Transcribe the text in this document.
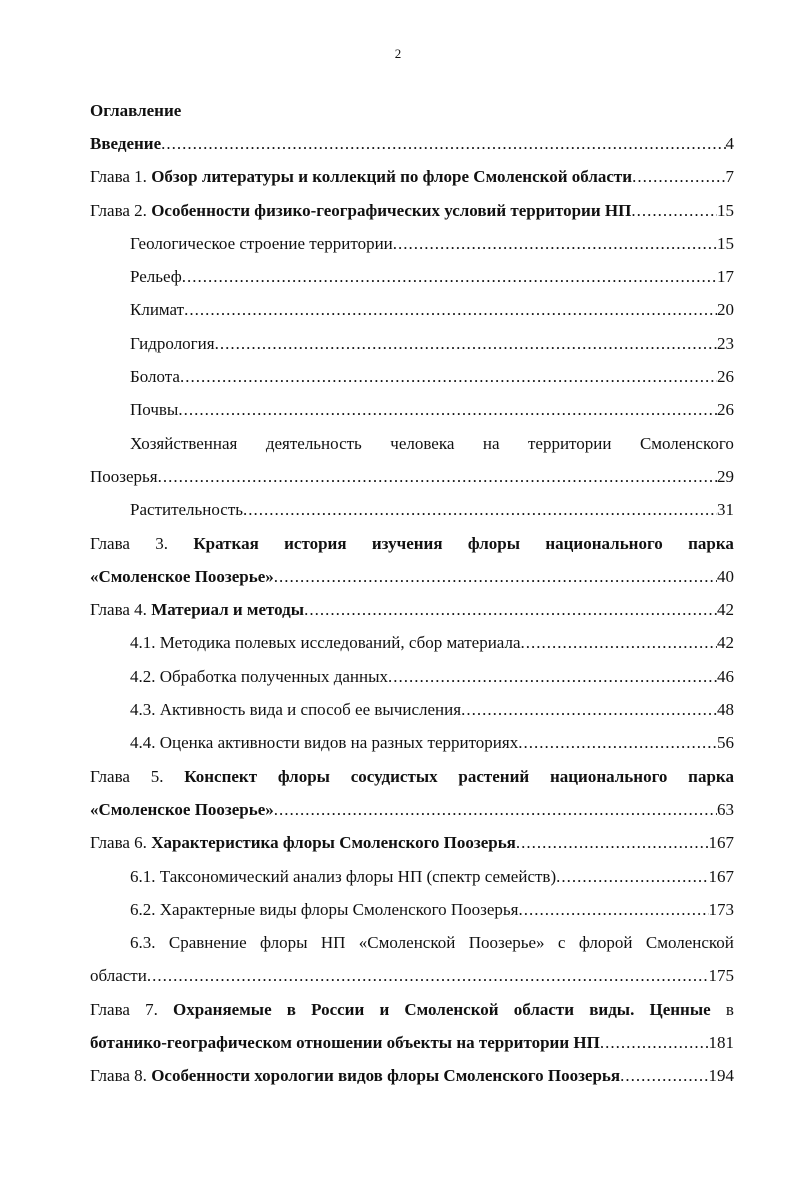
2
Оглавление
Введение .....	4
Глава 1.
Обзор литературы и коллекций по флоре Смоленской области .....	7
Глава 2.
Особенности физико-географических условий территории НП .....	15
Геологическое строение территории .....	15
Рельеф .....	17
Климат .....	20
Гидрология .....	23
Болота .....	26
Почвы .....	26
Хозяйственная деятельность человека на территории Смоленского
Поозерья .....	29
Растительность .....	31
Глава 3. Краткая история изучения флоры национального парка
«Смоленское Поозерье» .....	40
Глава 4.
Материал и методы .....	42
4.1. Методика полевых исследований, сбор материала .....	42
4.2. Обработка полученных данных .....	46
4.3. Активность вида и способ ее вычисления .....	48
4.4. Оценка активности видов на разных территориях .....	56
Глава 5. Конспект флоры сосудистых растений национального парка
«Смоленское Поозерье» .....	63
Глава 6.
Характеристика флоры Смоленского Поозерья .....	167
6.1. Таксономический анализ флоры НП (спектр семейств) .....	167
6.2. Характерные виды флоры Смоленского Поозерья .....	173
6.3. Сравнение флоры НП «Смоленской Поозерье» с флорой Смоленской
области .....	175
Глава 7. Охраняемые в России и Смоленской области виды. Ценные в
ботанико-географическом отношении объекты на территории НП .....	181
Глава 8.
Особенности хорологии видов флоры Смоленского Поозерья .....	194
